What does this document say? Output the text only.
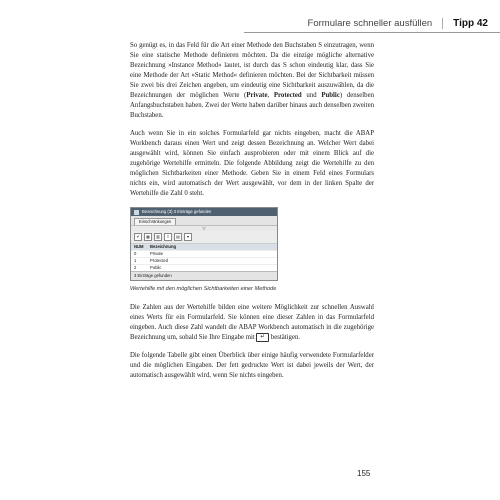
Formulare schneller ausfüllen	Tipp 42

So genügt es, in das Feld für die Art einer Methode den Buchstaben S einzutragen, wenn Sie eine statische Methode definieren möchten. Da die einzige mögliche alternative Bezeichnung »Instance Method« lautet, ist durch das S schon eindeutig klar, dass Sie eine Methode der Art »Static Method« definieren möchten. Bei der Sichtbarkeit müssen Sie zwei bis drei Zeichen angeben, um eindeutig eine Sichtbarkeit auszuwählen, da die Bezeichnungen der möglichen Werte (Private, Protected und Public) denselben Anfangsbuchstaben haben. Zwei der Werte haben darüber hinaus auch denselben zweiten Buchstaben.

Auch wenn Sie in ein solches Formularfeld gar nichts eingeben, macht die ABAP Workbench daraus einen Wert und zeigt dessen Bezeichnung an. Welcher Wert dabei ausgewählt wird, können Sie einfach ausprobieren oder mit einem Blick auf die zugehörige Wertehilfe ermitteln. Die folgende Abbildung zeigt die Wertehilfe zu den möglichen Sichtbarkeiten einer Methode. Geben Sie in einem Feld eines Formulars nichts ein, wird automatisch der Wert ausgewählt, vor dem in der linken Spalte der Wertehilfe die Zahl 0 steht.

Bezeichnung (3) 3 Einträge gefunden
Einschränkungen
▽
✔	▦	▥	≡	▤	▾
NUM	Bezeichnung
0	Private
1	Protected
2	Public
3 Einträge gefunden
Wertehilfe mit den möglichen Sichtbarkeiten einer Methode

Die Zahlen aus der Wertehilfe bilden eine weitere Möglichkeit zur schnellen Auswahl eines Werts für ein Formularfeld. Sie können eine dieser Zahlen in das Formularfeld eingeben. Auch diese Zahl wandelt die ABAP Workbench automatisch in die zugehörige Bezeichnung um, sobald Sie Ihre Eingabe mit ↵ bestätigen.

Die folgende Tabelle gibt einen Überblick über einige häufig verwendete Formularfelder und die möglichen Eingaben. Der fett gedruckte Wert ist dabei jeweils der Wert, der automatisch ausgewählt wird, wenn Sie nichts eingeben.

155
